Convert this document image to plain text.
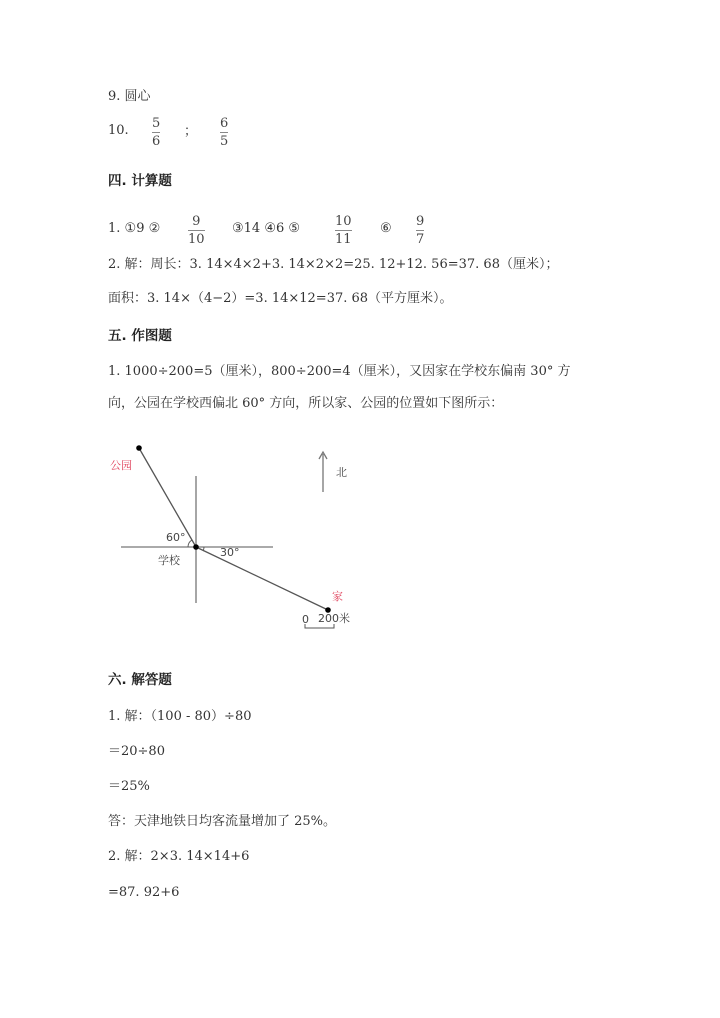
9. 圆心
10. 5
6
；
6
5
四. 计算题
1. ①9 ② 9
10
③14 ④6 ⑤	10
11
⑥ 9
7
2. 解：周长：3. 14×4×2+3. 14×2×2=25. 12+12. 56=37. 68（厘米）；
面积：3. 14×（4−2）=3. 14×12=37. 68（平方厘米）。
五. 作图题
1. 1000÷200=5（厘米），800÷200=4（厘米），又因家在学校东偏南 30° 方
向，公园在学校西偏北 60° 方向，所以家、公园的位置如下图所示：
公园
学校
家
北
60°
30°
0 200米
六. 解答题
1. 解：（100 - 80）÷80
＝20÷80
＝25%
答：天津地铁日均客流量增加了 25%。
2. 解：2×3. 14×14+6
=87. 92+6
